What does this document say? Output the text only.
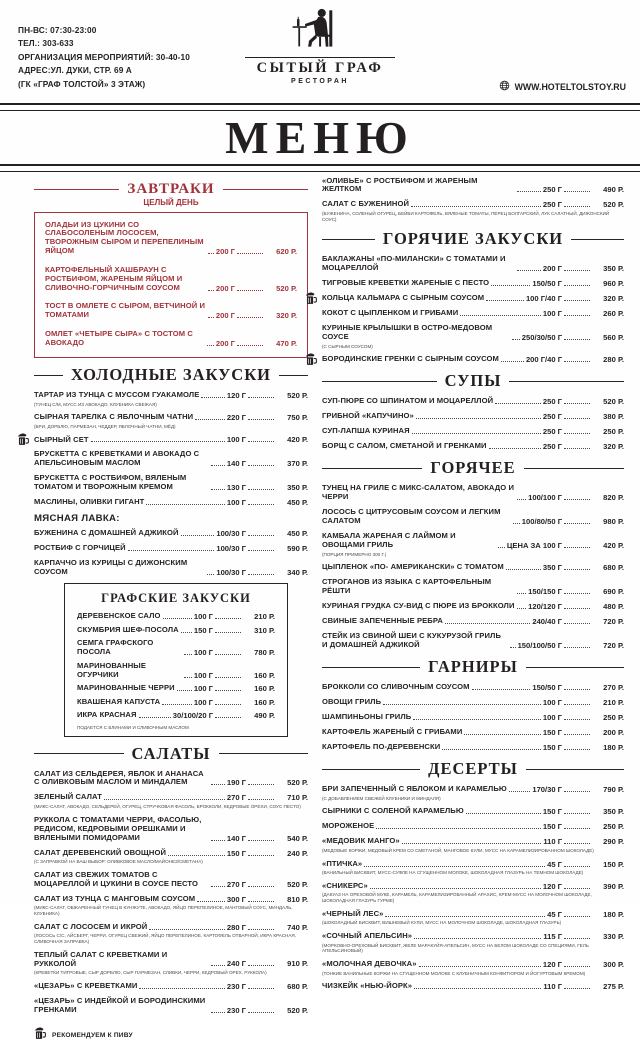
ПН-ВС: 07:30-23:00
ТЕЛ.: 303-633
ОРГАНИЗАЦИЯ МЕРОПРИЯТИЙ: 30-40-10
АДРЕС:УЛ. ДУКИ, СТР. 69 А
(ГК «ГРАФ ТОЛСТОЙ» 3 ЭТАЖ)
СЫТЫЙ ГРАФ
РЕСТОРАН	WWW.HOTELTOLSTOY.RU
МЕНЮ
ЗАВТРАКИ
ЦЕЛЫЙ ДЕНЬ
ОЛАДЬИ ИЗ ЦУКИНИ СО СЛАБОСОЛЕНЫМ ЛОСОСЕМ, ТВОРОЖНЫМ СЫРОМ И ПЕРЕПЕЛИНЫМ ЯЙЦОМ	200 Г	620 Р.
КАРТОФЕЛЬНЫЙ ХАШБРАУН С РОСТБИФОМ, ЖАРЕНЫМ ЯЙЦОМ И СЛИВОЧНО-ГОРЧИЧНЫМ СОУСОМ	200 Г	520 Р.
ТОСТ В ОМЛЕТЕ С СЫРОМ, ВЕТЧИНОЙ И ТОМАТАМИ	200 Г	320 Р.
ОМЛЕТ «ЧЕТЫРЕ СЫРА» С ТОСТОМ С АВОКАДО	200 Г	470 Р.
ХОЛОДНЫЕ ЗАКУСКИ
ТАРТАР ИЗ ТУНЦА С МУССОМ ГУАКАМОЛЕ	120 Г	520 Р.
(ТУНЕЦ С/М, МУСС ИЗ АВОКАДО, КЛУБНИКА СВЕЖАЯ)
СЫРНАЯ ТАРЕЛКА С ЯБЛОЧНЫМ ЧАТНИ	220 Г	750 Р.
(БРИ, ДОРБЛЮ, ПАРМЕЗАН, ЧЕДДЕР, ЯБЛОЧНЫЙ ЧАТНИ, МЁД)
СЫРНЫЙ СЕТ	100 Г	420 Р.
БРУСКЕТТА С КРЕВЕТКАМИ И АВОКАДО С АПЕЛЬСИНОВЫМ МАСЛОМ	140 Г	370 Р.
БРУСКЕТТА С РОСТБИФОМ, ВЯЛЕНЫМ ТОМАТОМ И ТВОРОЖНЫМ КРЕМОМ	130 Г	350 Р.
МАСЛИНЫ, ОЛИВКИ ГИГАНТ	100 Г	450 Р.
МЯСНАЯ ЛАВКА:
БУЖЕНИНА С ДОМАШНЕЙ АДЖИКОЙ	100/30 Г	450 Р.
РОСТБИФ С ГОРЧИЦЕЙ	100/30 Г	590 Р.
КАРПАЧЧО ИЗ КУРИЦЫ С ДИЖОНСКИМ СОУСОМ	100/30 Г	340 Р.
ГРАФСКИЕ ЗАКУСКИ
ДЕРЕВЕНСКОЕ САЛО	100 Г	210 Р.
СКУМБРИЯ ШЕФ-ПОСОЛА 150 Г	310 Р.
СЕМГА ГРАФСКОГО ПОСОЛА	100 Г	780 Р.
МАРИНОВАННЫЕ ОГУРЧИКИ	100 Г	160 Р.
МАРИНОВАННЫЕ ЧЕРРИ	100 Г	160 Р.
КВАШЕНАЯ КАПУСТА	100 Г	160 Р.
ИКРА КРАСНАЯ	30/100/20 Г	490 Р.
ПОДАЕТСЯ С БЛИНАМИ И СЛИВОЧНЫМ МАСЛОМ
САЛАТЫ
САЛАТ ИЗ СЕЛЬДЕРЕЯ, ЯБЛОК И АНАНАСА С ОЛИВКОВЫМ МАСЛОМ И МИНДАЛЕМ	190 Г	520 Р.
ЗЕЛЕНЫЙ САЛАТ	270 Г	710 Р.
(МИКС-САЛАТ, АВОКАДО, СЕЛЬДЕРЕЙ, ОГУРЕЦ, СТРУЧКОВАЯ ФАСОЛЬ, БРОККОЛИ, КЕДРОВЫЕ ОРЕХИ, СОУС ПЕСТО)
РУККОЛА С ТОМАТАМИ ЧЕРРИ, ФАСОЛЬЮ, РЕДИСОМ, КЕДРОВЫМИ ОРЕШКАМИ И ВЯЛЕНЫМИ ПОМИДОРАМИ	140 Г	540 Р.
САЛАТ ДЕРЕВЕНСКИЙ ОВОЩНОЙ	150 Г	240 Р.
(С ЗАПРАВКОЙ НА ВАШ ВЫБОР: ОЛИВКОВОЕ МАСЛО/МАЙОНЕЗ/СМЕТАНА)
САЛАТ ИЗ СВЕЖИХ ТОМАТОВ С МОЦАРЕЛЛОЙ И ЦУКИНИ В СОУСЕ ПЕСТО	270 Г	520 Р.
САЛАТ ИЗ ТУНЦА С МАНГОВЫМ СОУСОМ	300 Г	810 Р.
(МИКС-САЛАТ, ОБЖАРЕННЫЙ ТУНЕЦ В КУНЖУТЕ, АВОКАДО, ЯЙЦО ПЕРЕПЕЛИНОЕ, МАНГОВЫЙ СОУС, МИНДАЛЬ, КЛУБНИКА)
САЛАТ С ЛОСОСЕМ И ИКРОЙ	280 Г	740 Р.
(ЛОСОСЬ С/С, АЙСБЕРГ, ЧЕРРИ, ОГУРЕЦ СВЕЖИЙ, ЯЙЦО ПЕРЕПЕЛИНОЕ, КАРТОФЕЛЬ ОТВАРНОЙ, ИКРА КРАСНАЯ, СЛИВОЧНАЯ ЗАПРАВКА)
ТЕПЛЫЙ САЛАТ С КРЕВЕТКАМИ И РУККОЛОЙ	240 Г	910 Р.
(КРЕВЕТКИ ТИГРОВЫЕ, СЫР ДОРБЛЮ, СЫР ПАРМЕЗАН, СЛИВКИ, ЧЕРРИ, КЕДРОВЫЙ ОРЕХ, РУККОЛА)
«ЦЕЗАРЬ» С КРЕВЕТКАМИ	230 Г	680 Р.
«ЦЕЗАРЬ» С ИНДЕЙКОЙ И БОРОДИНСКИМИ ГРЕНКАМИ	230 Г	520 Р.
РЕКОМЕНДУЕМ К ПИВУ
«ОЛИВЬЕ» С РОСТБИФОМ И ЖАРЕНЫМ ЖЕЛТКОМ	250 Г	490 Р.
САЛАТ С БУЖЕНИНОЙ	250 Г	520 Р.
(БУЖЕНИНА, СОЛЕНЫЙ ОГУРЕЦ, БЕЙБИ КАРТОФЕЛЬ, ВЯЛЕНЫЕ ТОМАТЫ, ПЕРЕЦ БОЛГАРСКИЙ, ЛУК САЛАТНЫЙ, ДИЖОНСКИЙ СОУС)
ГОРЯЧИЕ ЗАКУСКИ
БАКЛАЖАНЫ «ПО-МИЛАНСКИ» С ТОМАТАМИ И МОЦАРЕЛЛОЙ	200 Г	350 Р.
ТИГРОВЫЕ КРЕВЕТКИ ЖАРЕНЫЕ С ПЕСТО	150/50 Г	960 Р.
КОЛЬЦА КАЛЬМАРА С СЫРНЫМ СОУСОМ	100 Г/40 Г	320 Р.
КОКОТ С ЦЫПЛЕНКОМ И ГРИБАМИ	100 Г	260 Р.
КУРИНЫЕ КРЫЛЫШКИ В ОСТРО-МЕДОВОМ СОУСЕ	250/30/50 Г	560 Р.
(С СЫРНЫМ СОУСОМ)
БОРОДИНСКИЕ ГРЕНКИ С СЫРНЫМ СОУСОМ	200 Г/40 Г	280 Р.
СУПЫ
СУП-ПЮРЕ СО ШПИНАТОМ И МОЦАРЕЛЛОЙ	250 Г	520 Р.
ГРИБНОЙ «КАПУЧИНО»	250 Г	380 Р.
СУП-ЛАПША КУРИНАЯ	250 Г	250 Р.
БОРЩ С САЛОМ, СМЕТАНОЙ И ГРЕНКАМИ	250 Г	320 Р.
ГОРЯЧЕЕ
ТУНЕЦ НА ГРИЛЕ С МИКС-САЛАТОМ, АВОКАДО И ЧЕРРИ	100/100 Г	820 Р.
ЛОСОСЬ С ЦИТРУСОВЫМ СОУСОМ И ЛЕГКИМ САЛАТОМ	100/80/50 Г	980 Р.
КАМБАЛА ЖАРЕНАЯ С ЛАЙМОМ И ОВОЩАМИ ГРИЛЬ	ЦЕНА ЗА 100 Г	420 Р.
(ПОРЦИЯ ПРИМЕРНО 300 Г.)
ЦЫПЛЕНОК «ПО- АМЕРИКАНСКИ» С ТОМАТОМ	350 Г	680 Р.
СТРОГАНОВ ИЗ ЯЗЫКА С КАРТОФЕЛЬНЫМ РЁШТИ	150/150 Г	690 Р.
КУРИНАЯ ГРУДКА СУ-ВИД С ПЮРЕ ИЗ БРОККОЛИ 120/120 Г	480 Р.
СВИНЫЕ ЗАПЕЧЕННЫЕ РЕБРА	240/40 Г	720 Р.
СТЕЙК ИЗ СВИНОЙ ШЕИ С КУКУРУЗОЙ ГРИЛЬ И ДОМАШНЕЙ АДЖИКОЙ	150/100/50 Г	720 Р.
ГАРНИРЫ
БРОККОЛИ СО СЛИВОЧНЫМ СОУСОМ	150/50 Г	270 Р.
ОВОЩИ ГРИЛЬ	100 Г	210 Р.
ШАМПИНЬОНЫ ГРИЛЬ	100 Г	250 Р.
КАРТОФЕЛЬ ЖАРЕНЫЙ С ГРИБАМИ	150 Г	200 Р.
КАРТОФЕЛЬ ПО-ДЕРЕВЕНСКИ	150 Г	180 Р.
ДЕСЕРТЫ
БРИ ЗАПЕЧЕННЫЙ С ЯБЛОКОМ И КАРАМЕЛЬЮ	170/30 Г	790 Р.
(С ДОБАВЛЕНИЕМ СВЕЖЕЙ КЛУБНИКИ И МИНДАЛЯ)
СЫРНИКИ С СОЛЕНОЙ КАРАМЕЛЬЮ	150 Г	350 Р.
МОРОЖЕНОЕ	150 Г	250 Р.
«МЕДОВИК МАНГО»	110 Г	290 Р.
(МЕДОВЫЕ КОРЖИ, МЕДОВЫЙ КРЕМ СО СМЕТАНОЙ, МАНГОВОЕ КУЛИ, МУСС НА КАРАМЕЛИЗИРОВАННОМ ШОКОЛАДЕ)
«ПТИЧКА»	45 Г	150 Р.
(ВАНИЛЬНЫЙ БИСКВИТ, МУСС-СУФЛЕ НА СГУЩЕННОМ МОЛОКЕ, ШОКОЛАДНАЯ ГЛАЗУРЬ НА ТЕМНОМ ШОКОЛАДЕ)
«СНИКЕРС»	120 Г	390 Р.
(ДАКУАЗ НА ОРЕХОВОЙ МУКЕ, КАРАМЕЛЬ, КАРАМЕЛИЗИРОВАННЫЙ АРАХИС, КРЕМ-МУСС НА МОЛОЧНОМ ШОКОЛАДЕ, ШОКОЛАДНАЯ ГЛАЗУРЬ ГУРМЕ)
«ЧЕРНЫЙ ЛЕС»	45 Г	180 Р.
(ШОКОЛАДНЫЙ БИСКВИТ, ВИШНЕВЫЙ КУЛИ, МУСС НА МОЛОЧНОМ ШОКОЛАДЕ, ШОКОЛАДНАЯ ГЛАЗУРЬ)
«СОЧНЫЙ АПЕЛЬСИН»	115 Г	330 Р.
(МОРКОВНО-ОРЕХОВЫЙ БИСКВИТ, ЖЕЛЕ МАРАКУЙЯ-АПЕЛЬСИН, МУСС НА БЕЛОМ ШОКОЛАДЕ СО СПЕЦИЯМИ, ГЕЛЬ АПЕЛЬСИНОВЫЙ)
«МОЛОЧНАЯ ДЕВОЧКА»	120 Г	300 Р.
(ТОНКИЕ ВАНИЛЬНЫЕ КОРЖИ НА СГУЩЕННОМ МОЛОКЕ С КЛУБНИЧНЫМ КОНФИТЮРОМ И ЙОГУРТОВЫМ КРЕМОМ)
ЧИЗКЕЙК «НЬЮ-ЙОРК»	110 Г	275 Р.
